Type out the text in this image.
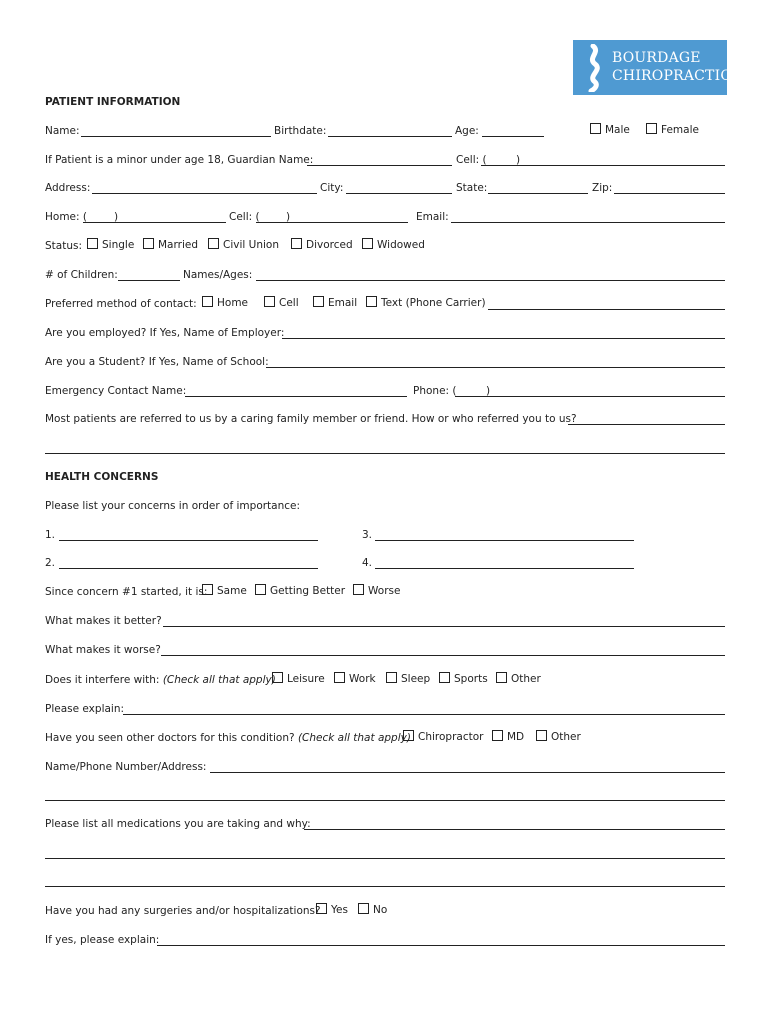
BOURDAGE
CHIROPRACTIC
PATIENT INFORMATION
Name:	Birthdate:	Age:	Male	Female
If Patient is a minor under age 18, Guardian Name:	Cell: (	)
Address:	City:	State:	Zip:
Home: (	)	Cell: (	)	Email:
Status:	Single	Married	Civil Union	Divorced	Widowed
# of Children:	Names/Ages:
Preferred method of contact:	Home	Cell	Email	Text (Phone Carrier)
Are you employed? If Yes, Name of Employer:
Are you a Student? If Yes, Name of School:
Emergency Contact Name:	Phone: (	)
Most patients are referred to us by a caring family member or friend. How or who referred you to us?
HEALTH CONCERNS
Please list your concerns in order of importance:
1.	3.
2.	4.
Since concern #1 started, it is: Same	Getting Better	Worse
What makes it better?
What makes it worse?
Does it interfere with: (Check all that apply)	Leisure	Work	Sleep	Sports	Other
Please explain:
Have you seen other doctors for this condition? (Check all that apply) Chiropractor	MD	Other
Name/Phone Number/Address:
Please list all medications you are taking and why:
Have you had any surgeries and/or hospitalizations? Yes	No
If yes, please explain:
